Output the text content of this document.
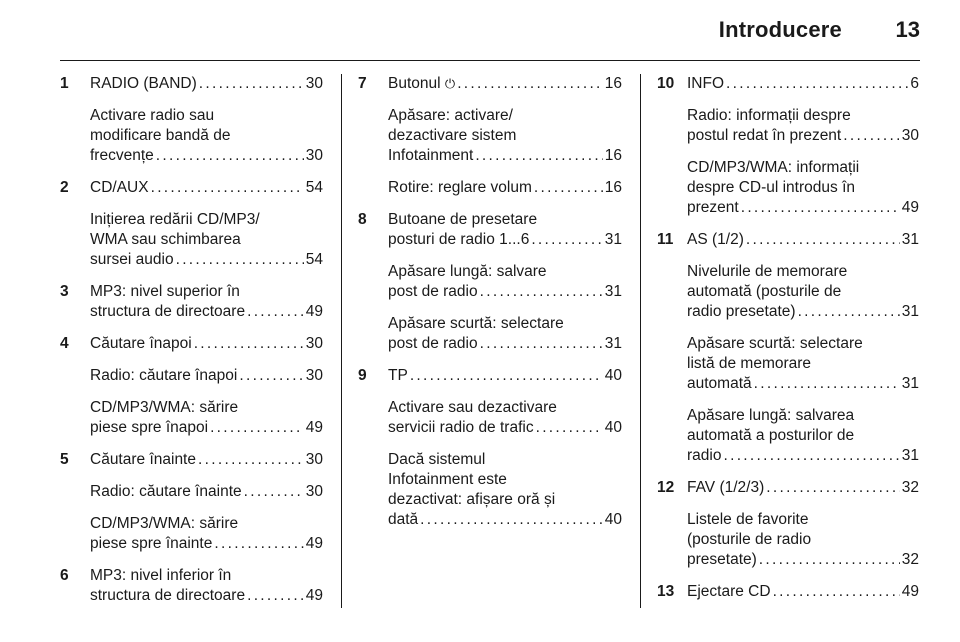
Introducere 13
1 RADIO (BAND) . . .	30
Activare radio sau
modificare bandă de
frecvențe . . .	30
2 CD/AUX . . .	54
Inițierea redării CD/MP3/
WMA sau schimbarea
sursei audio . . .	54
3 MP3: nivel superior în
structura de directoare . . .	49
4 Căutare înapoi . . .	30
Radio: căutare înapoi . . .	30
CD/MP3/WMA: sărire
piese spre înapoi . . .	49
5 Căutare înainte . . .	30
Radio: căutare înainte . . .	30
CD/MP3/WMA: sărire
piese spre înainte . . .	49
6 MP3: nivel inferior în
structura de directoare . . .	49
7 Butonul ⏻ . . .	16
Apăsare: activare/
dezactivare sistem
Infotainment . . .	16
Rotire: reglare volum . . .	16
8 Butoane de presetare
posturi de radio 1...6 . . .	31
Apăsare lungă: salvare
post de radio . . .	31
Apăsare scurtă: selectare
post de radio . . .	31
9 TP . . .	40
Activare sau dezactivare
servicii radio de trafic . . .	40
Dacă sistemul
Infotainment este
dezactivat: afișare oră și
dată . . .	40
10 INFO . . .	6
Radio: informații despre
postul redat în prezent . . .	30
CD/MP3/WMA: informații
despre CD-ul introdus în
prezent . . .	49
11 AS (1/2) . . .	31
Nivelurile de memorare
automată (posturile de
radio presetate) . . .	31
Apăsare scurtă: selectare
listă de memorare
automată . . .	31
Apăsare lungă: salvarea
automată a posturilor de
radio . . .	31
12 FAV (1/2/3) . . .	32
Listele de favorite
(posturile de radio
presetate) . . .	32
13 Ejectare CD . . .	49
